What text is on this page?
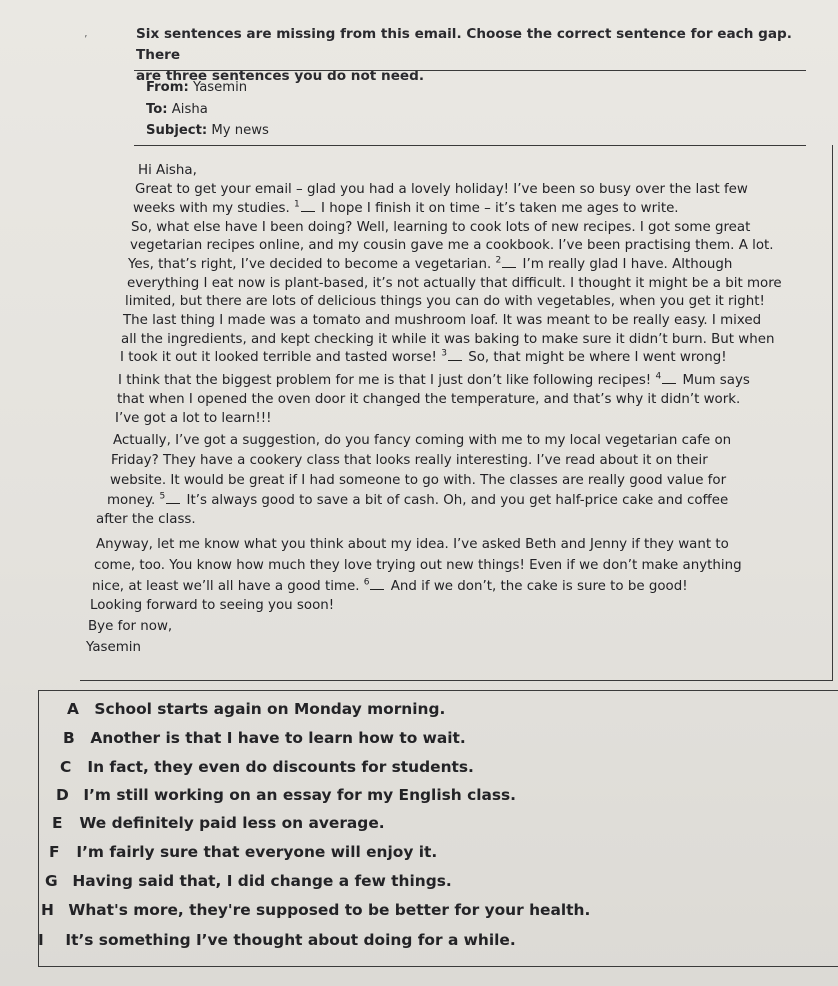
’	Six sentences are missing from this email. Choose the correct sentence for each gap. There
are three sentences you do not need.
From: Yasemin
To: Aisha
Subject: My news
Hi Aisha,
Great to get your email – glad you had a lovely holiday! I’ve been so busy over the last few
weeks with my studies. $^1$ I hope I finish it on time – it’s taken me ages to write.
So, what else have I been doing? Well, learning to cook lots of new recipes. I got some great
vegetarian recipes online, and my cousin gave me a cookbook. I’ve been practising them. A lot.
Yes, that’s right, I’ve decided to become a vegetarian. $^2$ I’m really glad I have. Although
everything I eat now is plant-based, it’s not actually that difficult. I thought it might be a bit more
limited, but there are lots of delicious things you can do with vegetables, when you get it right!
The last thing I made was a tomato and mushroom loaf. It was meant to be really easy. I mixed
all the ingredients, and kept checking it while it was baking to make sure it didn’t burn. But when
I took it out it looked terrible and tasted worse! $^3$ So, that might be where I went wrong!
I think that the biggest problem for me is that I just don’t like following recipes! $^4$ Mum says
that when I opened the oven door it changed the temperature, and that’s why it didn’t work.
I’ve got a lot to learn!!!
Actually, I’ve got a suggestion, do you fancy coming with me to my local vegetarian cafe on
Friday? They have a cookery class that looks really interesting. I’ve read about it on their
website. It would be great if I had someone to go with. The classes are really good value for
money. $^5$ It’s always good to save a bit of cash. Oh, and you get half-price cake and coffee
after the class.
Anyway, let me know what you think about my idea. I’ve asked Beth and Jenny if they want to
come, too. You know how much they love trying out new things! Even if we don’t make anything
nice, at least we’ll all have a good time. $^6$ And if we don’t, the cake is sure to be good!
Looking forward to seeing you soon!
Bye for now,
Yasemin
A School starts again on Monday morning.
B Another is that I have to learn how to wait.
C In fact, they even do discounts for students.
D I’m still working on an essay for my English class.
E We definitely paid less on average.
F I’m fairly sure that everyone will enjoy it.
G Having said that, I did change a few things.
H What's more, they're supposed to be better for your health.
I It’s something I’ve thought about doing for a while.
